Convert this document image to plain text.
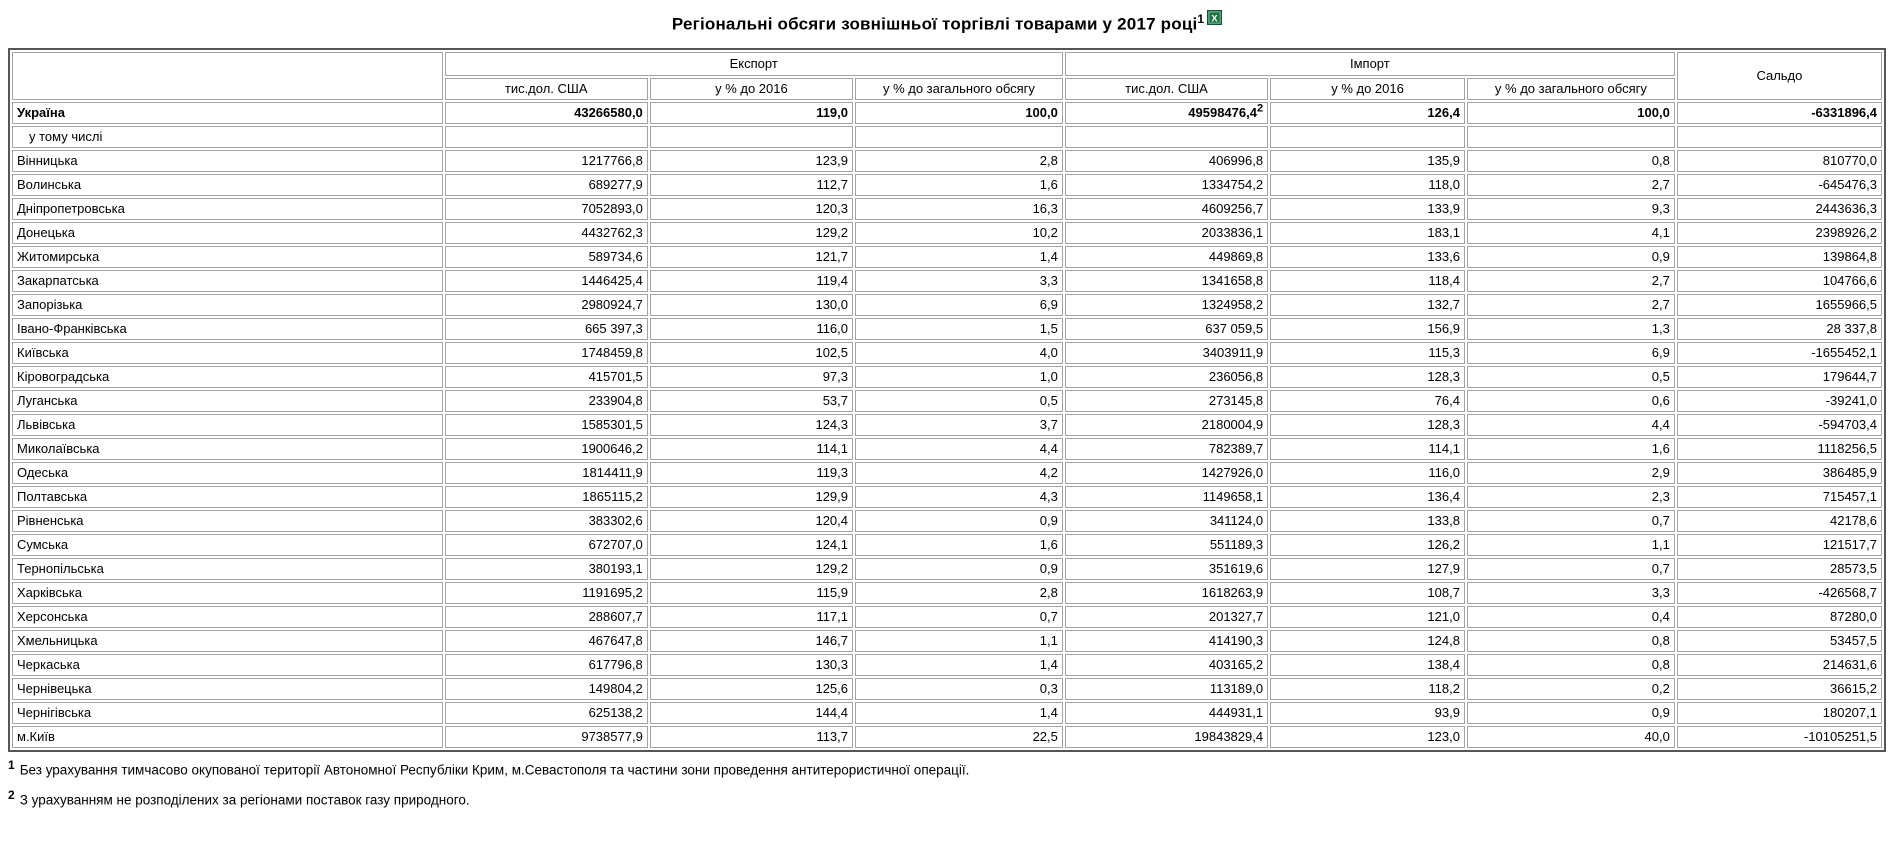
Регіональні обсяги зовнішньої торгівлі товарами у 2017 році$^1$ X
	Експорт			Імпорт			Сальдо
	тис.дол. США	у % до 2016	у % до загального обсягу	тис.дол. США	у % до 2016	у % до загального обсягу	
Україна	43266580,0	119,0	100,0	49598476,4$^2$	126,4	100,0	-6331896,4
у тому числі							
Вінницька	1217766,8	123,9	2,8	406996,8	135,9	0,8	810770,0
Волинська	689277,9	112,7	1,6	1334754,2	118,0	2,7	-645476,3
Дніпропетровська	7052893,0	120,3	16,3	4609256,7	133,9	9,3	2443636,3
Донецька	4432762,3	129,2	10,2	2033836,1	183,1	4,1	2398926,2
Житомирська	589734,6	121,7	1,4	449869,8	133,6	0,9	139864,8
Закарпатська	1446425,4	119,4	3,3	1341658,8	118,4	2,7	104766,6
Запорізька	2980924,7	130,0	6,9	1324958,2	132,7	2,7	1655966,5
Івано-Франківська	665 397,3	116,0	1,5	637 059,5	156,9	1,3	28 337,8
Київська	1748459,8	102,5	4,0	3403911,9	115,3	6,9	-1655452,1
Кіровоградська	415701,5	97,3	1,0	236056,8	128,3	0,5	179644,7
Луганська	233904,8	53,7	0,5	273145,8	76,4	0,6	-39241,0
Львівська	1585301,5	124,3	3,7	2180004,9	128,3	4,4	-594703,4
Миколаївська	1900646,2	114,1	4,4	782389,7	114,1	1,6	1118256,5
Одеська	1814411,9	119,3	4,2	1427926,0	116,0	2,9	386485,9
Полтавська	1865115,2	129,9	4,3	1149658,1	136,4	2,3	715457,1
Рівненська	383302,6	120,4	0,9	341124,0	133,8	0,7	42178,6
Сумська	672707,0	124,1	1,6	551189,3	126,2	1,1	121517,7
Тернопільська	380193,1	129,2	0,9	351619,6	127,9	0,7	28573,5
Харківська	1191695,2	115,9	2,8	1618263,9	108,7	3,3	-426568,7
Херсонська	288607,7	117,1	0,7	201327,7	121,0	0,4	87280,0
Хмельницька	467647,8	146,7	1,1	414190,3	124,8	0,8	53457,5
Черкаська	617796,8	130,3	1,4	403165,2	138,4	0,8	214631,6
Чернівецька	149804,2	125,6	0,3	113189,0	118,2	0,2	36615,2
Чернігівська	625138,2	144,4	1,4	444931,1	93,9	0,9	180207,1
м.Київ	9738577,9	113,7	22,5	19843829,4	123,0	40,0	-10105251,5
1 Без урахування тимчасово окупованої території Автономної Республіки Крим, м.Севастополя та частини зони проведення антитерористичної операції.
2 З урахуванням не розподілених за регіонами поставок газу природного.
